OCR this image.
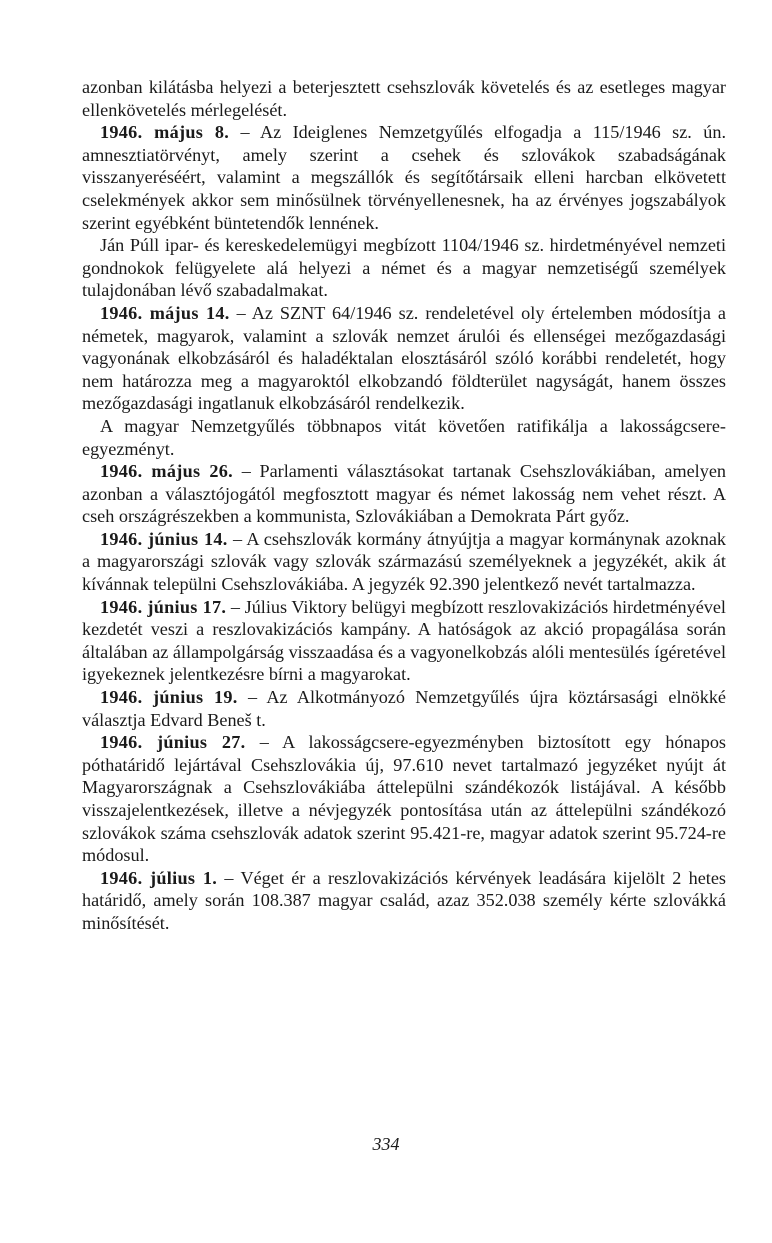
azonban kilátásba helyezi a beterjesztett csehszlovák követelés és az esetleges magyar ellenkövetelés mérlegelését.

1946. május 8. – Az Ideiglenes Nemzetgyűlés elfogadja a 115/1946 sz. ún. amnesztiatörvényt, amely szerint a csehek és szlovákok szabadságának visszanyeréséért, valamint a megszállók és segítőtársaik elleni harcban elkövetett cselekmények akkor sem minősülnek törvényellenesnek, ha az érvényes jogszabályok szerint egyébként büntetendők lennének.

Ján Púll ipar- és kereskedelemügyi megbízott 1104/1946 sz. hirdetményével nemzeti gondnokok felügyelete alá helyezi a német és a magyar nemzetiségű személyek tulajdonában lévő szabadalmakat.

1946. május 14. – Az SZNT 64/1946 sz. rendeletével oly értelemben módosítja a németek, magyarok, valamint a szlovák nemzet árulói és ellenségei mezőgazdasági vagyonának elkobzásáról és haladéktalan elosztásáról szóló korábbi rendeletét, hogy nem határozza meg a magyaroktól elkobzandó földterület nagyságát, hanem összes mezőgazdasági ingatlanuk elkobzásáról rendelkezik.

A magyar Nemzetgyűlés többnapos vitát követően ratifikálja a lakosságcsere-egyezményt.

1946. május 26. – Parlamenti választásokat tartanak Csehszlovákiában, amelyen azonban a választójogától megfosztott magyar és német lakosság nem vehet részt. A cseh országrészekben a kommunista, Szlovákiában a Demokrata Párt győz.

1946. június 14. – A csehszlovák kormány átnyújtja a magyar kormánynak azoknak a magyarországi szlovák vagy szlovák származású személyeknek a jegyzékét, akik át kívánnak települni Csehszlovákiába. A jegyzék 92.390 jelentkező nevét tartalmazza.

1946. június 17. – Július Viktory belügyi megbízott reszlovakizációs hirdetményével kezdetét veszi a reszlovakizációs kampány. A hatóságok az akció propagálása során általában az állampolgárság visszaadása és a vagyonelkobzás alóli mentesülés ígéretével igyekeznek jelentkezésre bírni a magyarokat.

1946. június 19. – Az Alkotmányozó Nemzetgyűlés újra köztársasági elnökké választja Edvard Beneš t.

1946. június 27. – A lakosságcsere-egyezményben biztosított egy hónapos póthatáridő lejártával Csehszlovákia új, 97.610 nevet tartalmazó jegyzéket nyújt át Magyarországnak a Csehszlovákiába áttelepülni szándékozók listájával. A később visszajelentkezések, illetve a névjegyzék pontosítása után az áttelepülni szándékozó szlovákok száma csehszlovák adatok szerint 95.421-re, magyar adatok szerint 95.724-re módosul.

1946. július 1. – Véget ér a reszlovakizációs kérvények leadására kijelölt 2 hetes határidő, amely során 108.387 magyar család, azaz 352.038 személy kérte szlovákká minősítését.

334
